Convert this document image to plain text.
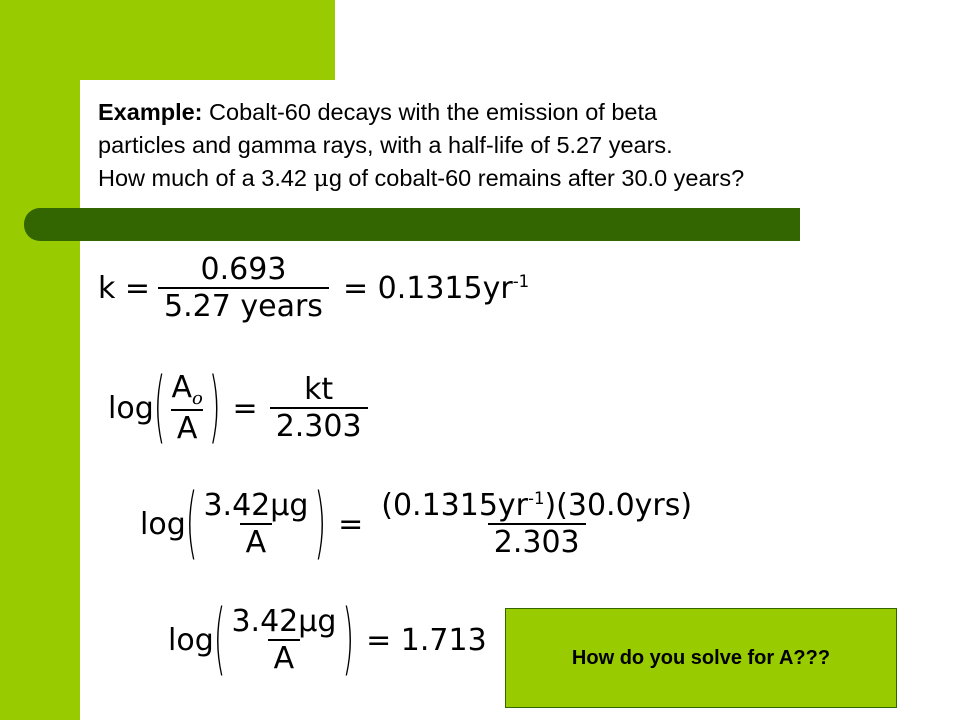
Example: Cobalt-60 decays with the emission of beta
particles and gamma rays, with a half-life of 5.27 years.
How much of a 3.42 μg of cobalt-60 remains after 30.0 years?
$k = \frac{0.693}{\text{5.27 years}} = 0.1315yr^{-1}$
log ( $\frac{A_o}{A}$ ) = $\frac{kt}{2.303}$
log ( $\frac{3.42\mu g}{A}$ ) = $\frac{(0.1315yr^{-1})(30.0yrs)}{2.303}$
log ( $\frac{3.42\mu g}{A}$ ) = 1.713	How do you solve for A???
